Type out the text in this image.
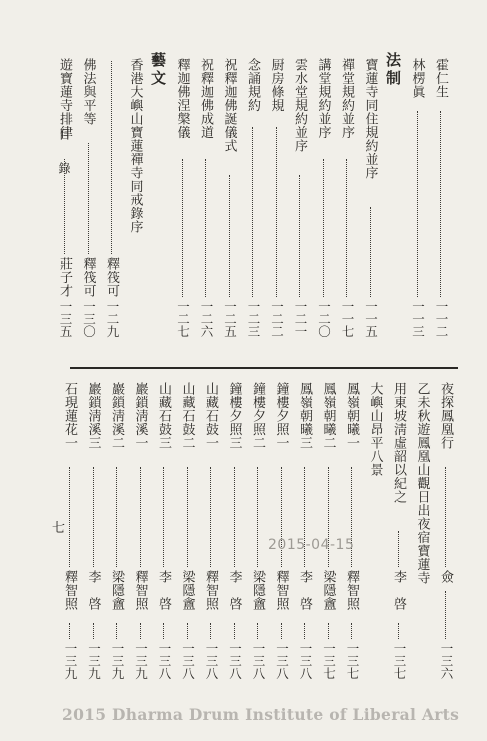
目錄
七
霍仁生
一一二
林楞眞
一一三
法制
寶蓮寺同住規約並序
一一五
禪堂規約並序
一一七
講堂規約並序
一二〇
雲水堂規約並序
一二一
厨房條規
一二二
念誦規約
一二三
祝釋迦佛誕儀式
一二五
祝釋迦佛成道
一二六
釋迦佛涅槃儀
一二七
藝文
香港大嶼山寶蓮禪寺同戒錄序
釋筏可
一二九
佛法與平等
釋筏可
一三〇
遊寶蓮寺排律
莊子才
一三五
夜探鳳凰行
僉
一三六
乙未秋遊鳳凰山觀日出夜宿寶蓮寺
用東坡淸虛韶以紀之
李　啓
一三七
大嶼山昂平八景
鳳嶺朝曦一
釋智照
一三七
鳳嶺朝曦二
梁隱盦
一三七
鳳嶺朝曦三
李　啓
一三八
鐘樓夕照一
釋智照
一三八
鐘樓夕照二
梁隱盦
一三八
鐘樓夕照三
李　啓
一三八
山藏石鼓一
釋智照
一三八
山藏石鼓二
梁隱盦
一三八
山藏石鼓三
李　啓
一三八
巖鎖淸溪一
釋智照
一三九
巖鎖淸溪二
梁隱盦
一三九
巖鎖淸溪三
李　啓
一三九
石現蓮花一
釋智照
一三九
2015-04-15
2015 Dharma Drum Institute of Liberal Arts
